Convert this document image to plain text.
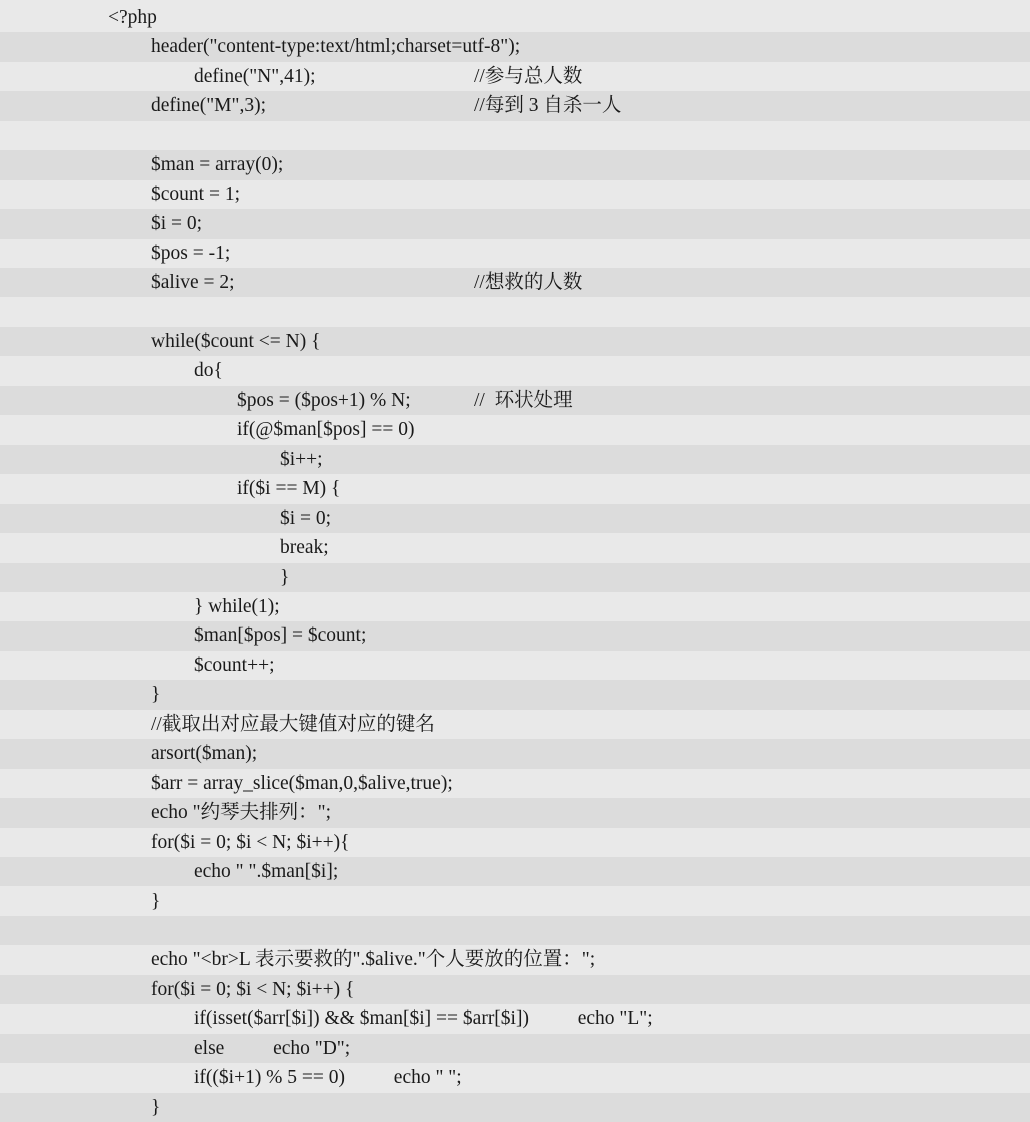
<?php
header("content-type:text/html;charset=utf-8");
define("N",41);	//参与总人数
define("M",3);	//每到 3 自杀一人
$man = array(0);
$count = 1;
$i = 0;
$pos = -1;
$alive = 2;	//想救的人数
while($count <= N) {
do{
$pos = ($pos+1) % N;	//  环状处理
if(@$man[$pos] == 0)
$i++;
if($i == M) {
$i = 0;
break;
}
} while(1);
$man[$pos] = $count;
$count++;
}
//截取出对应最大键值对应的键名
arsort($man);
$arr = array_slice($man,0,$alive,true);
echo "约琴夫排列：";
for($i = 0; $i < N; $i++){
echo " ".$man[$i];
}
echo "<br>L 表示要救的".$alive."个人要放的位置：";
for($i = 0; $i < N; $i++) {
if(isset($arr[$i]) && $man[$i] == $arr[$i])          echo "L";
else          echo "D";
if(($i+1) % 5 == 0)          echo " ";
}
